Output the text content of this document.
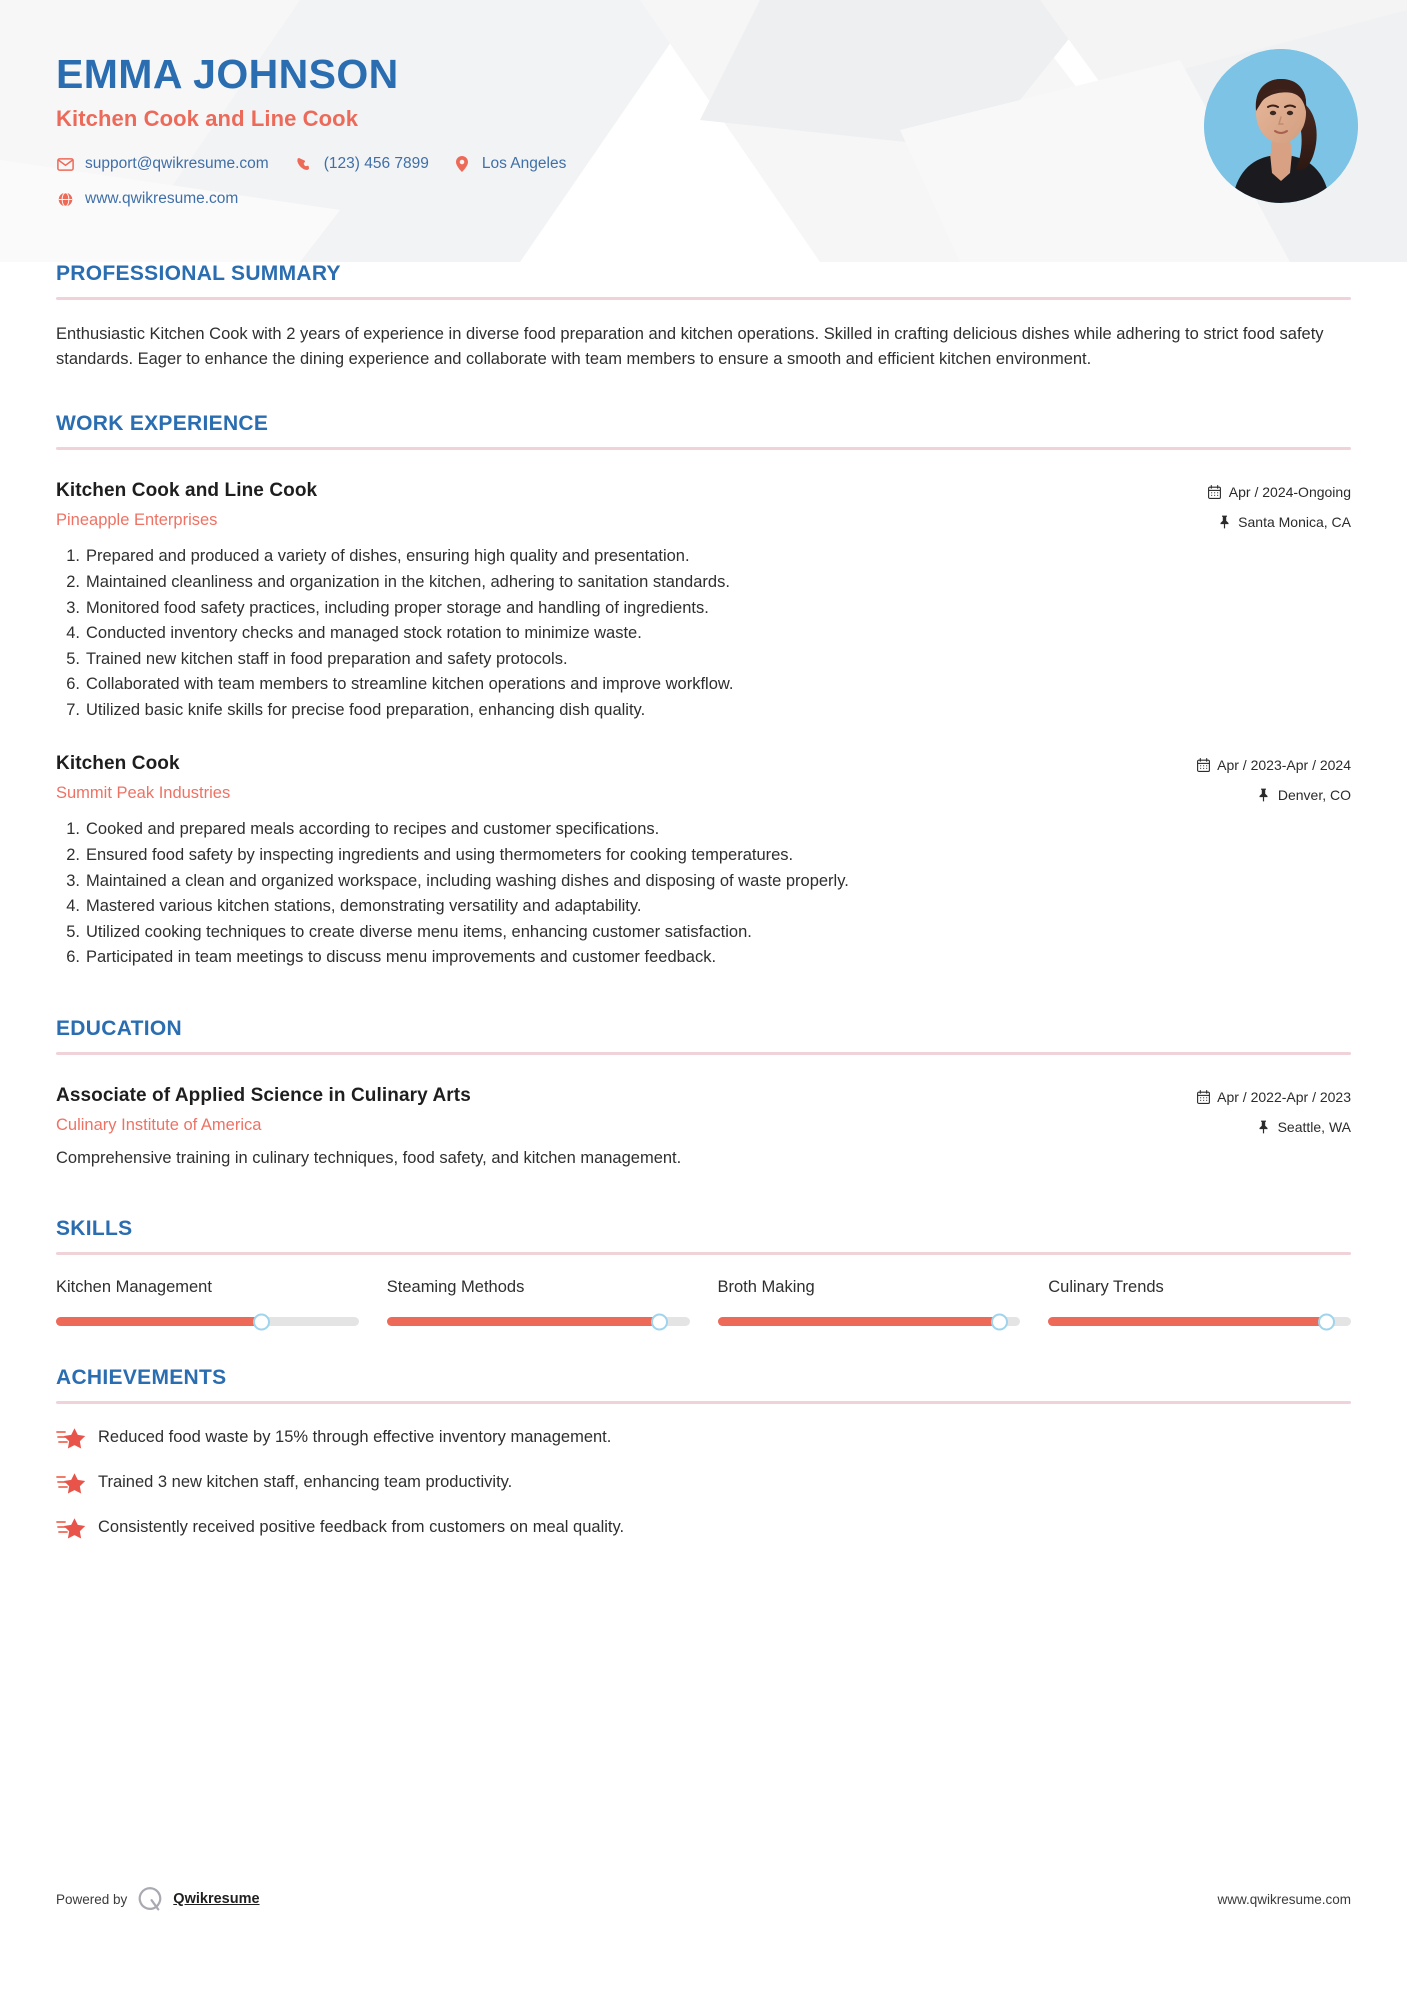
EMMA JOHNSON
Kitchen Cook and Line Cook
support@qwikresume.com	(123) 456 7899	Los Angeles
www.qwikresume.com
PROFESSIONAL SUMMARY

Enthusiastic Kitchen Cook with 2 years of experience in diverse food preparation and kitchen operations. Skilled in crafting delicious dishes while adhering to strict food safety standards. Eager to enhance the dining experience and collaborate with team members to ensure a smooth and efficient kitchen environment.

WORK EXPERIENCE
Kitchen Cook and Line Cook
Pineapple Enterprises
Apr / 2024-Ongoing
Santa Monica, CA
Prepared and produced a variety of dishes, ensuring high quality and presentation.
Maintained cleanliness and organization in the kitchen, adhering to sanitation standards.
Monitored food safety practices, including proper storage and handling of ingredients.
Conducted inventory checks and managed stock rotation to minimize waste.
Trained new kitchen staff in food preparation and safety protocols.
Collaborated with team members to streamline kitchen operations and improve workflow.
Utilized basic knife skills for precise food preparation, enhancing dish quality.
Kitchen Cook
Summit Peak Industries
Apr / 2023-Apr / 2024
Denver, CO
Cooked and prepared meals according to recipes and customer specifications.
Ensured food safety by inspecting ingredients and using thermometers for cooking temperatures.
Maintained a clean and organized workspace, including washing dishes and disposing of waste properly.
Mastered various kitchen stations, demonstrating versatility and adaptability.
Utilized cooking techniques to create diverse menu items, enhancing customer satisfaction.
Participated in team meetings to discuss menu improvements and customer feedback.
EDUCATION
Associate of Applied Science in Culinary Arts
Culinary Institute of America
Apr / 2022-Apr / 2023
Seattle, WA

Comprehensive training in culinary techniques, food safety, and kitchen management.

SKILLS
Kitchen Management	Steaming Methods	Broth Making	Culinary Trends
ACHIEVEMENTS
Reduced food waste by 15% through effective inventory management.
Trained 3 new kitchen staff, enhancing team productivity.
Consistently received positive feedback from customers on meal quality.
Powered by	Qwikresume	www.qwikresume.com
